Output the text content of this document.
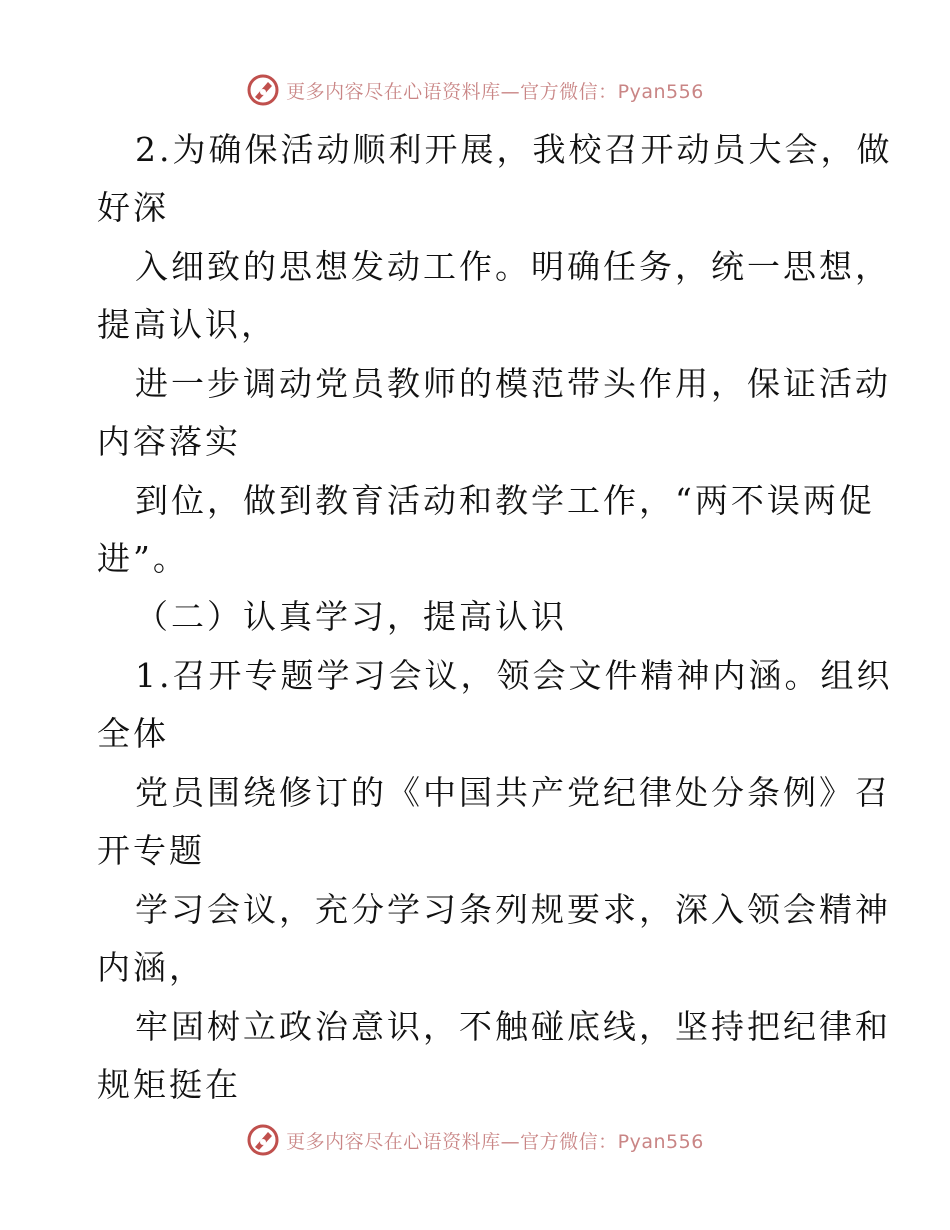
更多内容尽在心语资料库—官方微信：Pyan556
2.为确保活动顺利开展，我校召开动员大会，做
好深
入细致的思想发动工作。明确任务，统一思想，
提高认识，
进一步调动党员教师的模范带头作用，保证活动
内容落实
到位，做到教育活动和教学工作，“两不误两促
进”。
（二）认真学习，提高认识
1.召开专题学习会议，领会文件精神内涵。组织
全体
党员围绕修订的《中国共产党纪律处分条例》召
开专题
学习会议，充分学习条列规要求，深入领会精神
内涵，
牢固树立政治意识，不触碰底线，坚持把纪律和
规矩挺在
更多内容尽在心语资料库—官方微信：Pyan556
